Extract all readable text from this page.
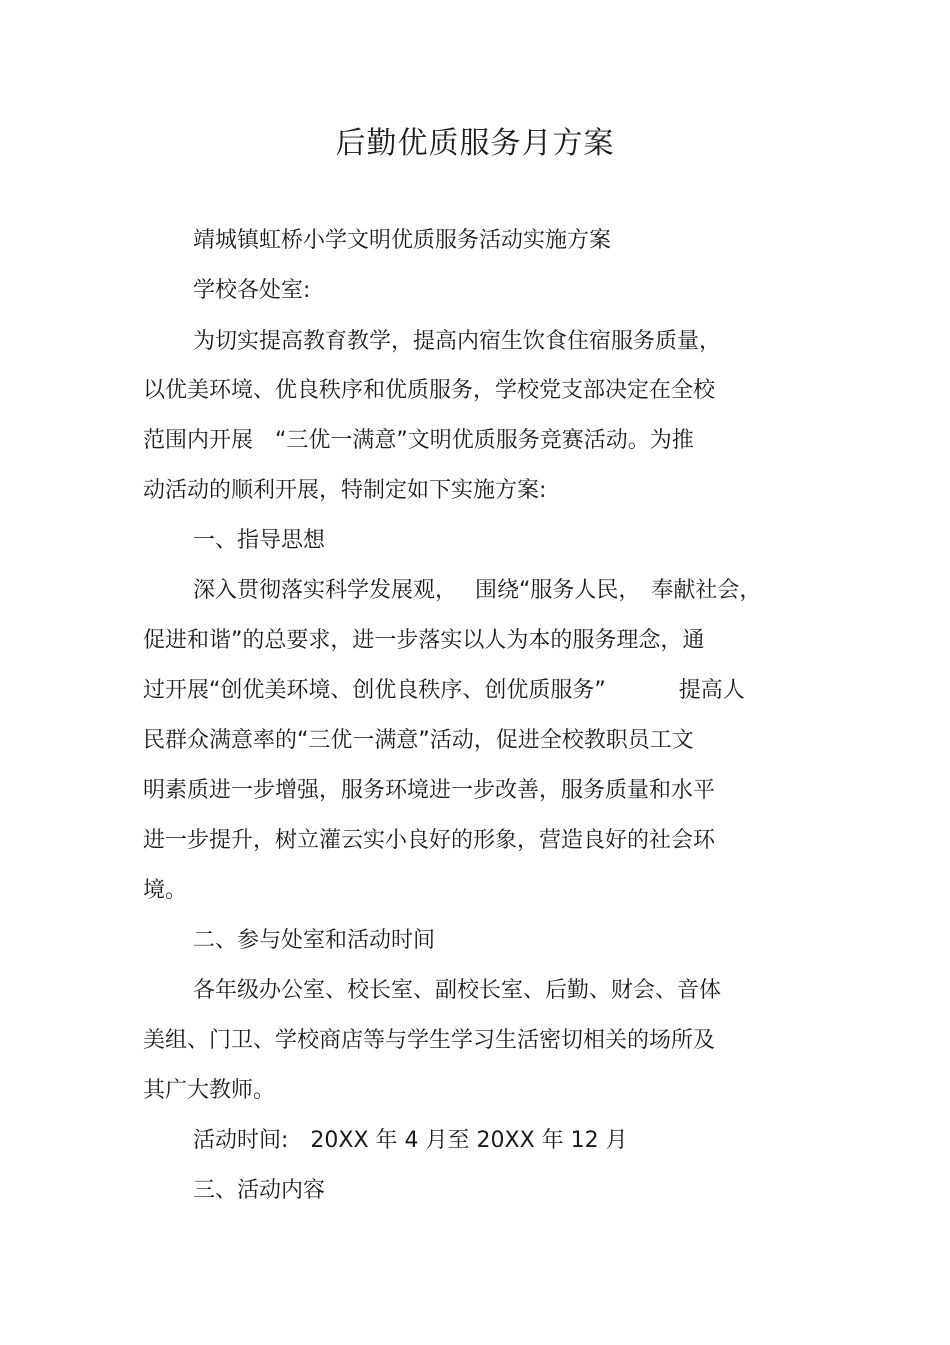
后勤优质服务月方案
靖城镇虹桥小学文明优质服务活动实施方案
学校各处室:
为切实提高教育教学，提高内宿生饮食住宿服务质量，
以优美环境、优良秩序和优质服务，学校党支部决定在全校
范围内开展　“三优一满意”文明优质服务竞赛活动。为推
动活动的顺利开展，特制定如下实施方案:
一、指导思想
深入贯彻落实科学发展观，　 围绕“服务人民，　奉献社会，
促进和谐”的总要求，进一步落实以人为本的服务理念，通
过开展“创优美环境、创优良秩序、创优质服务”　　　 提高人
民群众满意率的“三优一满意”活动，促进全校教职员工文
明素质进一步增强，服务环境进一步改善，服务质量和水平
进一步提升，树立灌云实小良好的形象，营造良好的社会环
境。
二、参与处室和活动时间
各年级办公室、校长室、副校长室、后勤、财会、音体
美组、门卫、学校商店等与学生学习生活密切相关的场所及
其广大教师。
活动时间:　20XX 年 4 月至 20XX 年 12 月
三、活动内容
